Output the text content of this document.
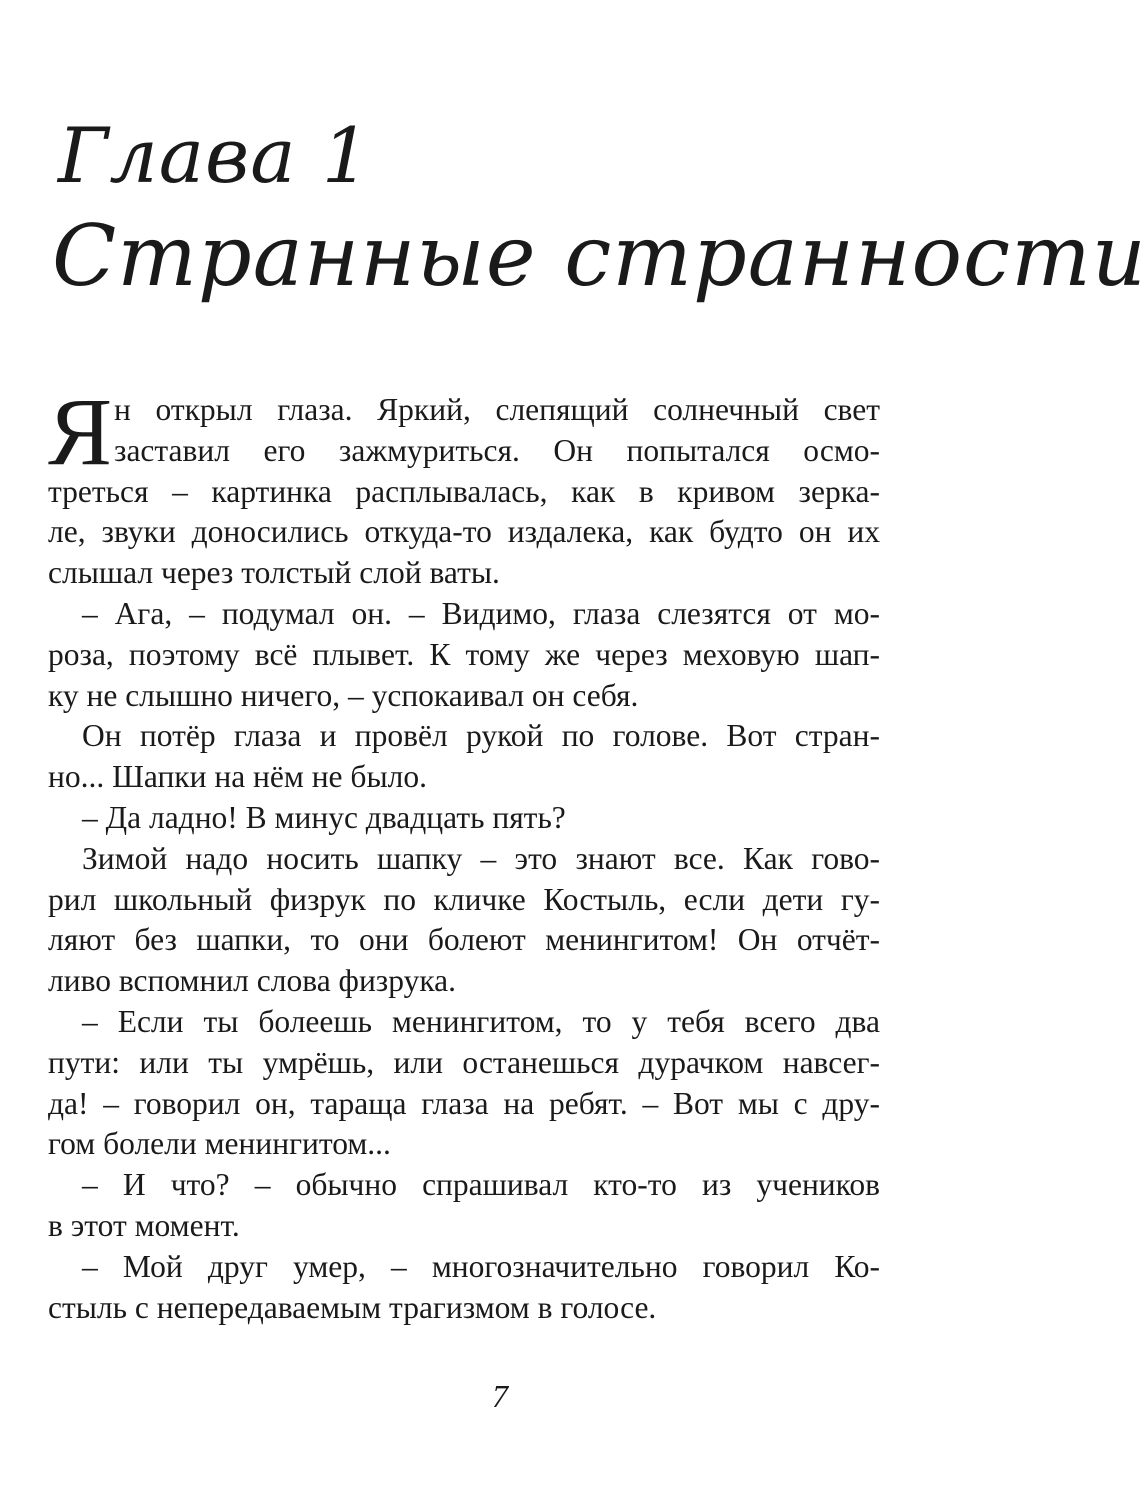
Глава 1
Странные странности
Я н открыл глаза. Яркий, слепящий солнечный свет
заставил его зажмуриться. Он попытался осмо-
треться – картинка расплывалась, как в кривом зерка-
ле, звуки доносились откуда-то издалека, как будто он их
слышал через толстый слой ваты.
– Ага, – подумал он. – Видимо, глаза слезятся от мо-
роза, поэтому всё плывет. К тому же через меховую шап-
ку не слышно ничего, – успокаивал он себя.
Он потёр глаза и провёл рукой по голове. Вот стран-
но... Шапки на нём не было.
– Да ладно! В минус двадцать пять?
Зимой надо носить шапку – это знают все. Как гово-
рил школьный физрук по кличке Костыль, если дети гу-
ляют без шапки, то они болеют менингитом! Он отчёт-
ливо вспомнил слова физрука.
– Если ты болеешь менингитом, то у тебя всего два
пути: или ты умрёшь, или останешься дурачком навсег-
да! – говорил он, тараща глаза на ребят. – Вот мы с дру-
гом болели менингитом...
– И что? – обычно спрашивал кто-то из учеников
в этот момент.
– Мой друг умер, – многозначительно говорил Ко-
стыль с непередаваемым трагизмом в голосе.
7
